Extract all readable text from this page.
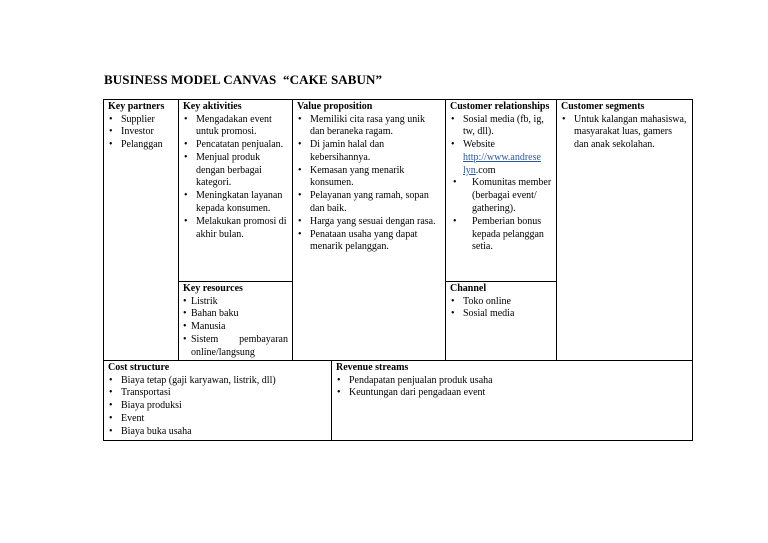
BUSINESS MODEL CANVAS  “CAKE SABUN”
Key partners
• Supplier
• Investor
• Pelanggan
Key aktivities
• Mengadakan event untuk promosi.
• Pencatatan penjualan.
• Menjual produk dengan berbagai kategori.
• Meningkatan layanan kepada konsumen.
• Melakukan promosi di akhir bulan.
Key resources
• Listrik
• Bahan baku
• Manusia
• Sistem pembayaran
online/langsung
Value proposition
• Memiliki cita rasa yang unik dan beraneka ragam.
• Di jamin halal dan kebersihannya.
• Kemasan yang menarik konsumen.
• Pelayanan yang ramah, sopan dan baik.
• Harga yang sesuai dengan rasa.
• Penataan usaha yang dapat menarik pelanggan.
Customer relationships
• Sosial media (fb, ig, tw, dll).
• Website
http://www.andrese
lyn.com
• Komunitas member (berbagai event/ gathering).
• Pemberian bonus kepada pelanggan setia.
Channel
• Toko online
• Sosial media
Customer segments
• Untuk kalangan mahasiswa, masyarakat luas, gamers dan anak sekolahan.
Cost structure
• Biaya tetap (gaji karyawan, listrik, dll)
• Transportasi
• Biaya produksi
• Event
• Biaya buka usaha
Revenue streams
• Pendapatan penjualan produk usaha
• Keuntungan dari pengadaan event
